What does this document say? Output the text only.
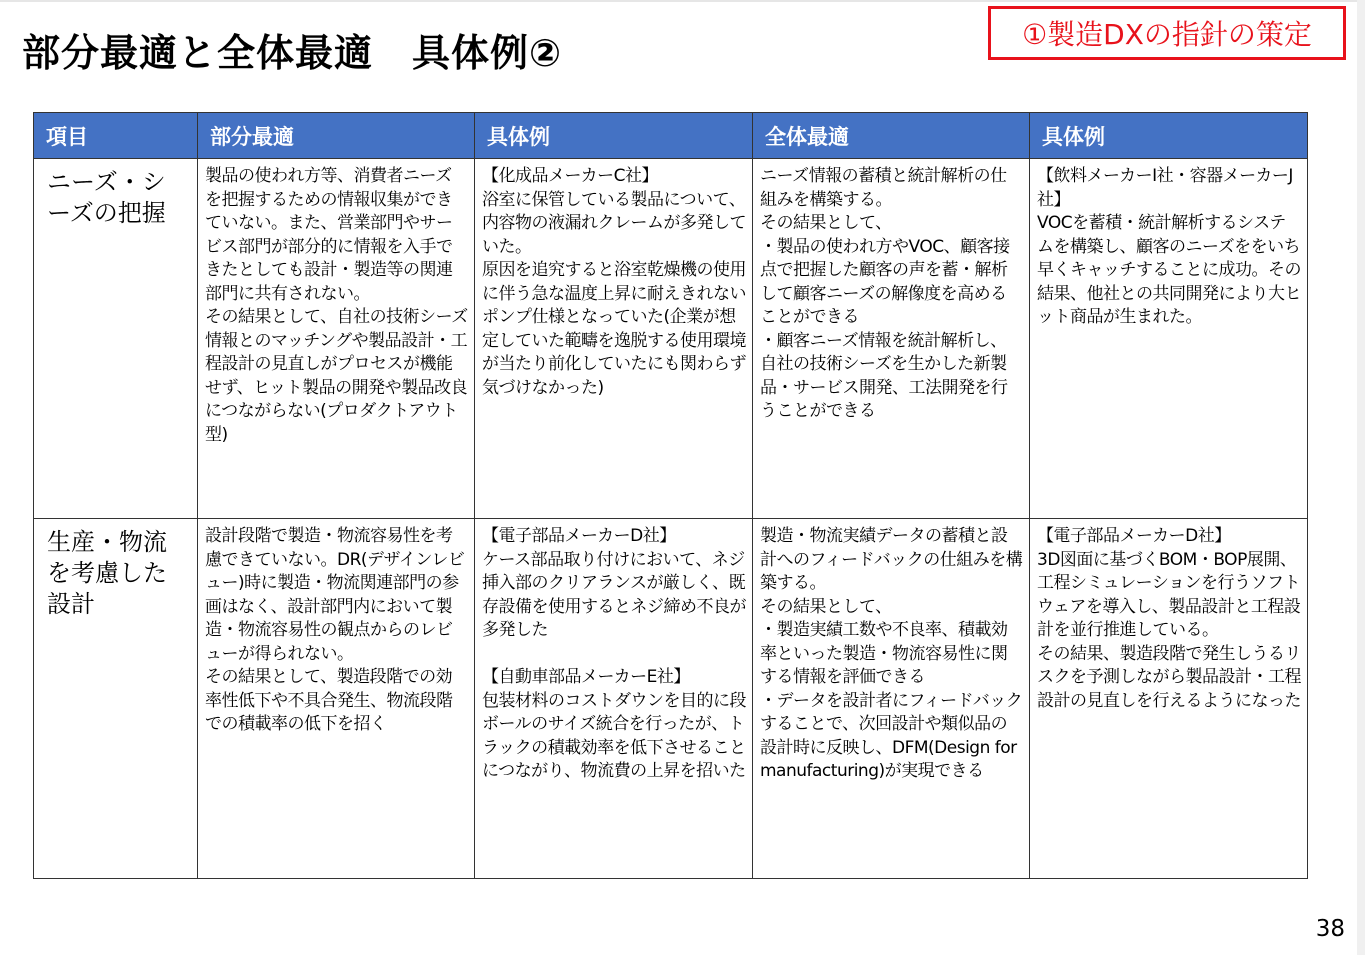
部分最適と全体最適　具体例②	①製造DXの指針の策定
項目	部分最適	具体例	全体最適	具体例
ニーズ・シーズの把握	製品の使われ方等、消費者ニーズを把握するための情報収集ができていない。また、営業部門やサービス部門が部分的に情報を入手できたとしても設計・製造等の関連部門に共有されない。
その結果として、自社の技術シーズ情報とのマッチングや製品設計・工程設計の見直しがプロセスが機能せず、ヒット製品の開発や製品改良につながらない(プロダクトアウト型)	【化成品メーカーC社】
浴室に保管している製品について、内容物の液漏れクレームが多発していた。
原因を追究すると浴室乾燥機の使用に伴う急な温度上昇に耐えきれないポンプ仕様となっていた(企業が想定していた範疇を逸脱する使用環境が当たり前化していたにも関わらず気づけなかった)	ニーズ情報の蓄積と統計解析の仕組みを構築する。
その結果として、
・製品の使われ方やVOC、顧客接点で把握した顧客の声を蓄・解析して顧客ニーズの解像度を高めることができる
・顧客ニーズ情報を統計解析し、自社の技術シーズを生かした新製品・サービス開発、工法開発を行うことができる	【飲料メーカーI社・容器メーカーJ社】
VOCを蓄積・統計解析するシステムを構築し、顧客のニーズををいち早くキャッチすることに成功。その結果、他社との共同開発により大ヒット商品が生まれた。
生産・物流を考慮した設計	設計段階で製造・物流容易性を考慮できていない。DR(デザインレビュー)時に製造・物流関連部門の参画はなく、設計部門内において製造・物流容易性の観点からのレビューが得られない。
その結果として、製造段階での効率性低下や不具合発生、物流段階での積載率の低下を招く	【電子部品メーカーD社】
ケース部品取り付けにおいて、ネジ挿入部のクリアランスが厳しく、既存設備を使用するとネジ締め不良が多発した

【自動車部品メーカーE社】
包装材料のコストダウンを目的に段ボールのサイズ統合を行ったが、トラックの積載効率を低下させることにつながり、物流費の上昇を招いた	製造・物流実績データの蓄積と設計へのフィードバックの仕組みを構築する。
その結果として、
・製造実績工数や不良率、積載効率といった製造・物流容易性に関する情報を評価できる
・データを設計者にフィードバックすることで、次回設計や類似品の設計時に反映し、DFM(Design for　manufacturing)が実現できる	【電子部品メーカーD社】
3D図面に基づくBOM・BOP展開、工程シミュレーションを行うソフトウェアを導入し、製品設計と工程設計を並行推進している。
その結果、製造段階で発生しうるリスクを予測しながら製品設計・工程設計の見直しを行えるようになった
38
